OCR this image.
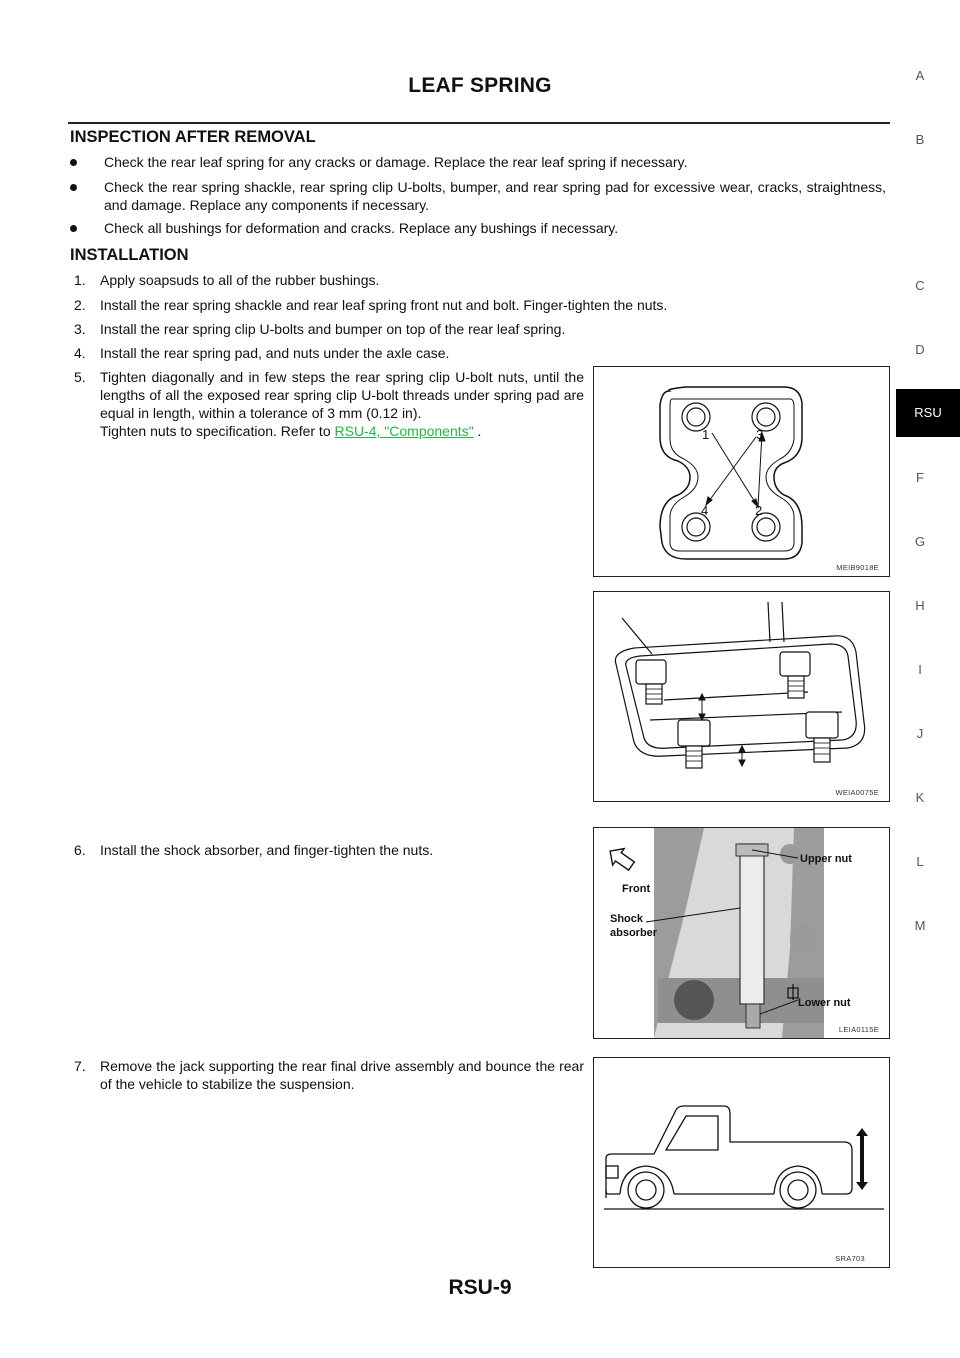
LEAF SPRING	A
B
C
D
F
G
H
I
J
K
L
M
RSU
INSPECTION AFTER REMOVAL

Check the rear leaf spring for any cracks or damage. Replace the rear leaf spring if necessary.

Check the rear spring shackle, rear spring clip U-bolts, bumper, and rear spring pad for excessive wear, cracks, straightness, and damage. Replace any components if necessary.

Check all bushings for deformation and cracks. Replace any bushings if necessary.

INSTALLATION
1. Apply soapsuds to all of the rubber bushings.
2. Install the rear spring shackle and rear leaf spring front nut and bolt. Finger-tighten the nuts.
3. Install the rear spring clip U-bolts and bumper on top of the rear leaf spring.
4. Install the rear spring pad, and nuts under the axle case.
5. Tighten diagonally and in few steps the rear spring clip U-bolt nuts, until the lengths of all the exposed rear spring clip U-bolt threads under spring pad are equal in length, within a tolerance of 3 mm (0.12 in).
Tighten nuts to specification. Refer to RSU-4, "Components" .
6. Install the shock absorber, and finger-tighten the nuts.
7. Remove the jack supporting the rear final drive assembly and bounce the rear of the vehicle to stabilize the suspension.
1	3
4	2
MEIB9018E
WEIA0075E
Upper nut
Front
Shock
absorber
Lower nut
LEIA0115E
SRA703
RSU-9
